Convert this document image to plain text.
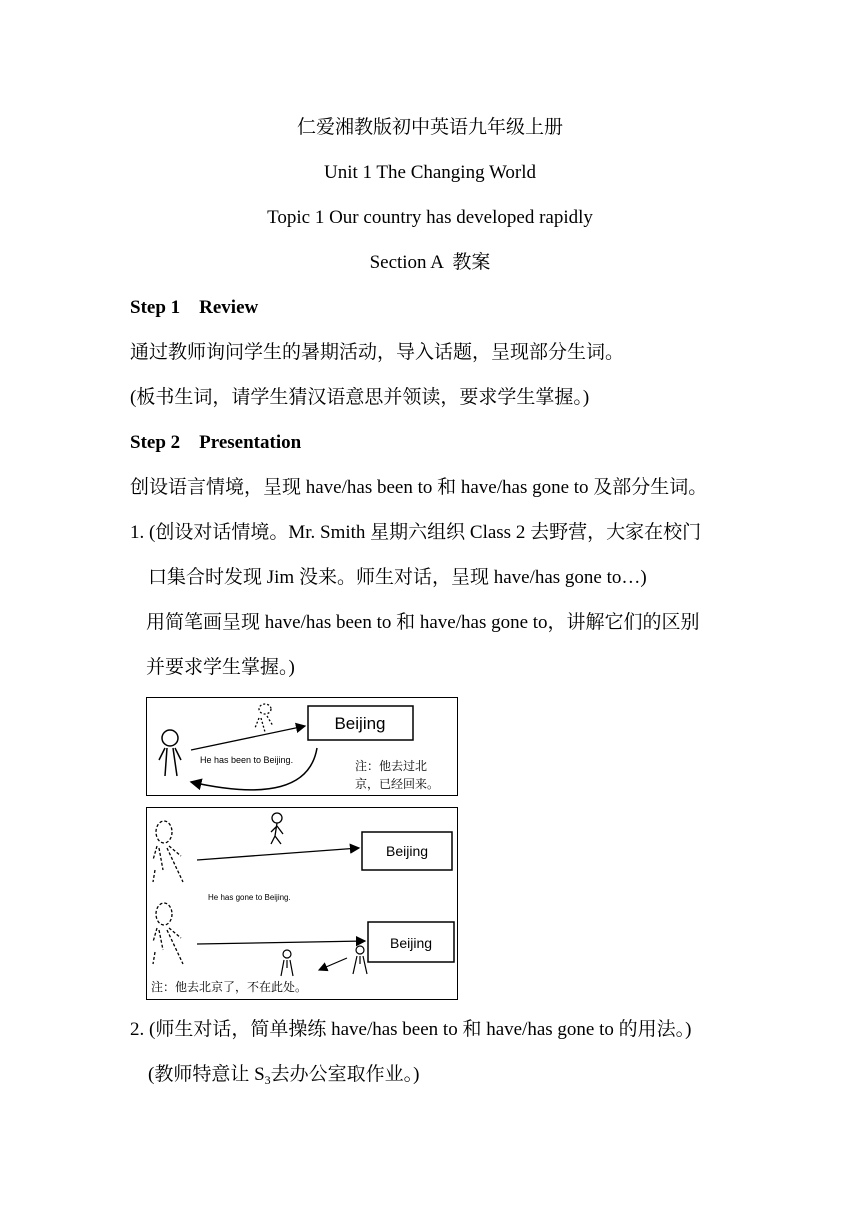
仁爱湘教版初中英语九年级上册
Unit 1 The Changing World
Topic 1 Our country has developed rapidly
Section A  教案
Step 1    Review
通过教师询问学生的暑期活动，导入话题，呈现部分生词。
(板书生词，请学生猜汉语意思并领读，要求学生掌握。)
Step 2    Presentation
创设语言情境，呈现 have/has been to 和 have/has gone to 及部分生词。
1. (创设对话情境。Mr. Smith 星期六组织 Class 2 去野营，大家在校门
口集合时发现 Jim 没来。师生对话，呈现 have/has gone to…)
用简笔画呈现 have/has been to 和 have/has gone to，讲解它们的区别
并要求学生掌握。)
Beijing
He has been to Beijing.	注：他去过北
京，已经回来。
Beijing
He has gone to Beijing.
Beijing
注：他去北京了，不在此处。
2. (师生对话，简单操练 have/has been to 和 have/has gone to 的用法。)
(教师特意让 $S_3$去办公室取作业。)
